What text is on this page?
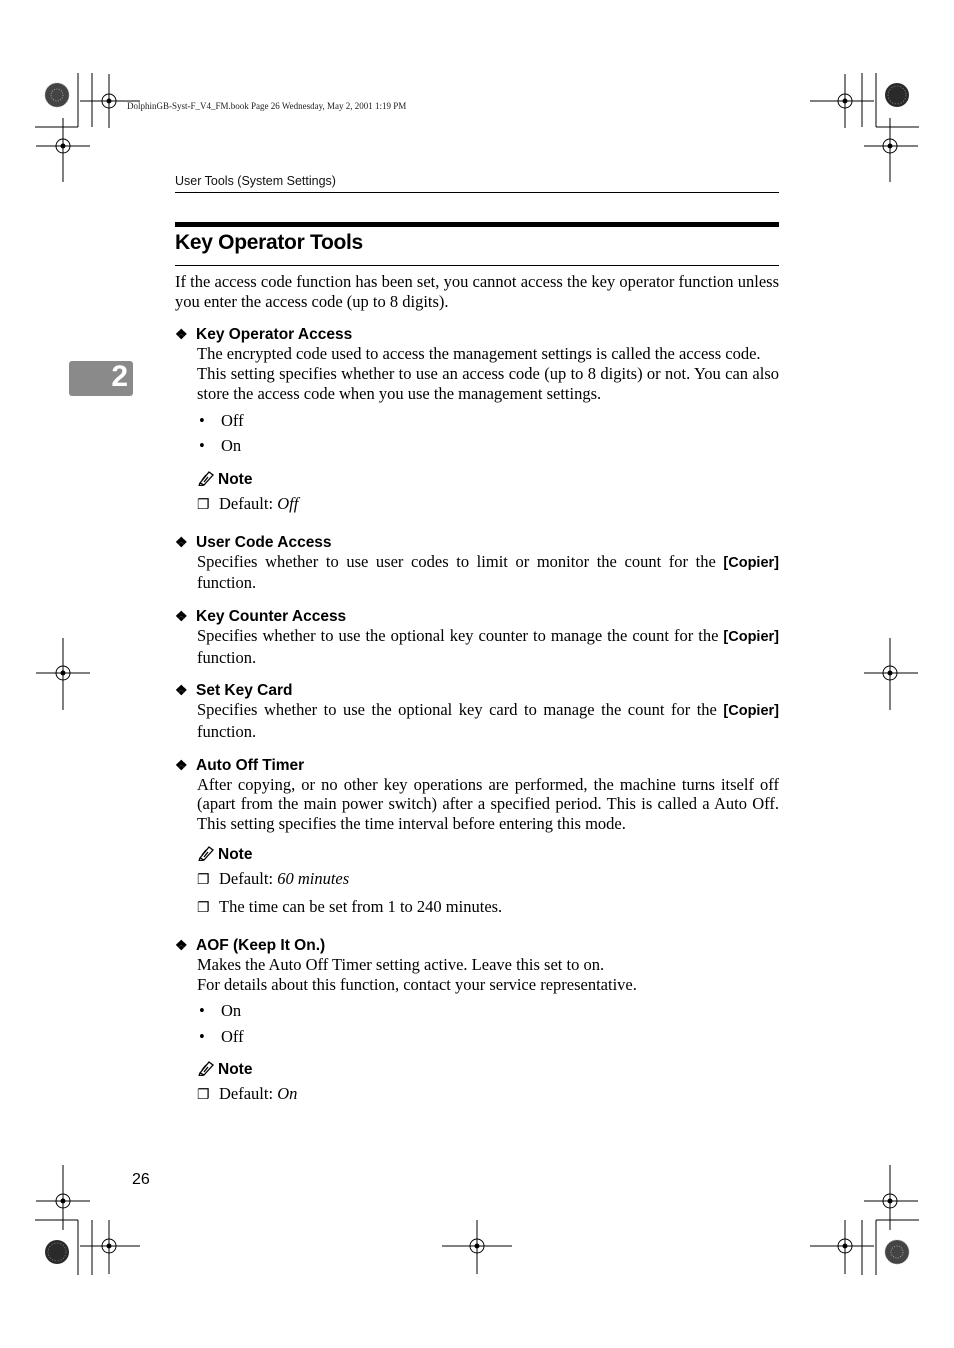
DolphinGB-Syst-F_V4_FM.book Page 26 Wednesday, May 2, 2001 1:19 PM
User Tools (System Settings)
2
Key Operator Tools

If the access code function has been set, you cannot access the key operator function unless you enter the access code (up to 8 digits).

❖ Key Operator Access

The encrypted code used to access the management settings is called the access code.

This setting specifies whether to use an access code (up to 8 digits) or not. You can also store the access code when you use the management settings.

• Off
• On
Note
❐ Default: Off
❖ User Code Access

Specifies whether to use user codes to limit or monitor the count for the [Copier] function.

❖ Key Counter Access

Specifies whether to use the optional key counter to manage the count for the [Copier] function.

❖ Set Key Card

Specifies whether to use the optional key card to manage the count for the [Copier] function.

❖ Auto Off Timer

After copying, or no other key operations are performed, the machine turns itself off (apart from the main power switch) after a specified period. This is called a Auto Off. This setting specifies the time interval before entering this mode.

Note
❐ Default: 60 minutes
❐ The time can be set from 1 to 240 minutes.
❖ AOF (Keep It On.)

Makes the Auto Off Timer setting active. Leave this set to on.

For details about this function, contact your service representative.

• On
• Off
Note
❐ Default: On
26
